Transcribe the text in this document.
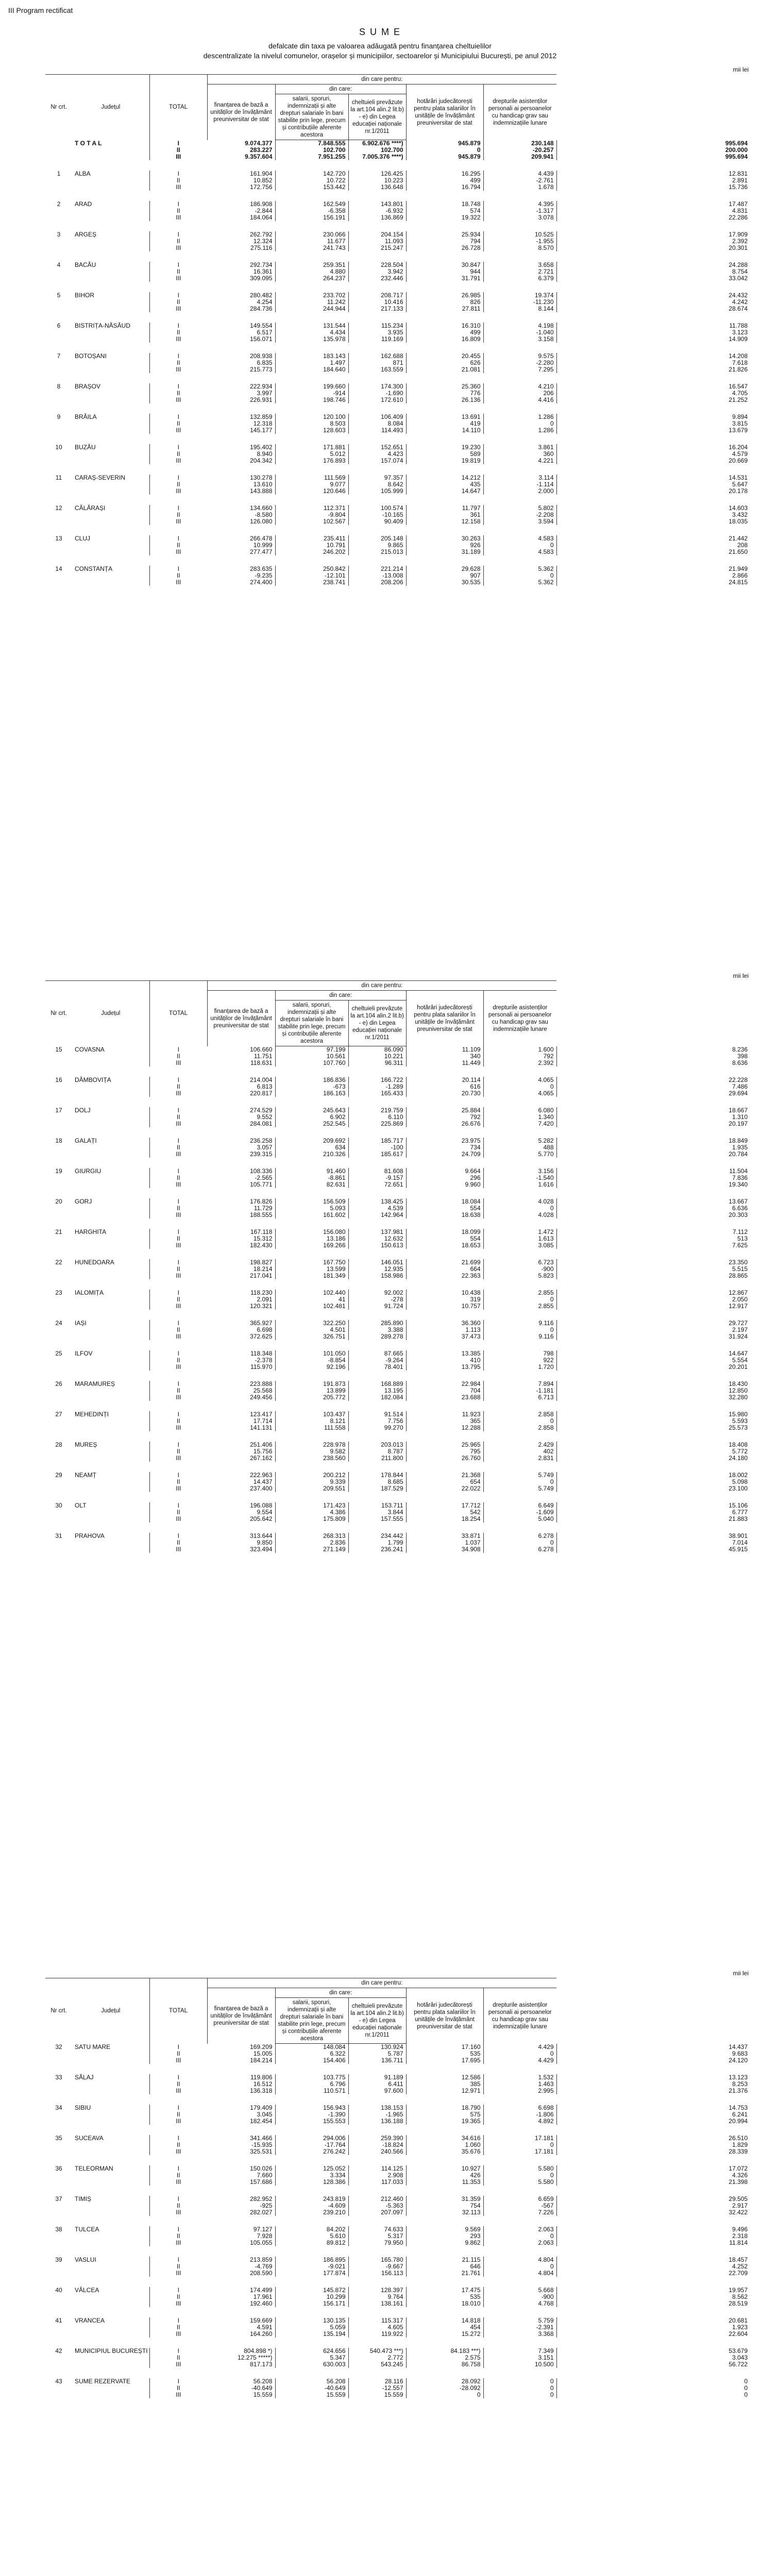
III Program rectificat
S U M E
defalcate din taxa pe valoarea adăugată pentru finanțarea cheltuielilor
descentralizate la nivelul comunelor, orașelor și municipiilor, sectoarelor și Municipiului București, pe anul 2012
mii lei
Nr crt.	Județul	TOTAL	din care pentru:					
			finanțarea de bază a unităților de învățământ preuniversitar de stat	din care:		hotărâri judecătorești pentru plata salariilor în unitățile de învățământ preuniversitar de stat	drepturile asistenților personali ai persoanelor cu handicap grav sau indemnizațiile lunare	
				salarii, sporuri, indemnizații și alte drepturi salariale în bani stabilite prin lege, precum și contribuțiile aferente acestora	cheltuieli prevăzute la art.104 alin.2 lit.b) - e) din Legea educației naționale nr.1/2011			
	T O T A L	I	9.074.377	7.848.555	6.902.676 ****)	945.879	230.148	995.694
		II	283.227	102.700	102.700	0	-20.257	200.000
		III	9.357.604	7.951.255	7.005.376 ****)	945.879	209.941	995.694

1	ALBA	I	161.904	142.720	126.425	16.295	4.439	12.831
		II	10.852	10.722	10.223	499	-2.761	2.891
		III	172.756	153.442	136.648	16.794	1.678	15.736

2	ARAD	I	186.908	162.549	143.801	18.748	4.395	17.487
		II	-2.844	-6.358	-6.932	574	-1.317	4.831
		III	184.064	156.191	136.869	19.322	3.078	22.286

3	ARGEȘ	I	262.792	230.066	204.154	25.934	10.525	17.909
		II	12.324	11.677	11.093	794	-1.955	2.392
		III	275.116	241.743	215.247	26.728	8.570	20.301

4	BACĂU	I	292.734	259.351	228.504	30.847	3.658	24.288
		II	16.361	4.880	3.942	944	2.721	8.754
		III	309.095	264.237	232.446	31.791	6.379	33.042

5	BIHOR	I	280.482	233.702	208.717	26.985	19.374	24.432
		II	4.254	11.242	10.416	826	-11.230	4.242
		III	284.736	244.944	217.133	27.811	8.144	28.674

6	BISTRIȚA-NĂSĂUD	I	149.554	131.544	115.234	16.310	4.198	11.788
		II	6.517	4.434	3.935	499	-1.040	3.123
		III	156.071	135.978	119.169	16.809	3.158	14.909

7	BOTOȘANI	I	208.938	183.143	162.688	20.455	9.575	14.208
		II	6.835	1.497	871	626	-2.280	7.618
		III	215.773	184.640	163.559	21.081	7.295	21.826

8	BRAȘOV	I	222.934	199.660	174.300	25.360	4.210	16.547
		II	3.997	-914	-1.690	776	206	4.705
		III	226.931	198.746	172.610	26.136	4.416	21.252

9	BRĂILA	I	132.859	120.100	106.409	13.691	1.286	9.894
		II	12.318	8.503	8.084	419	0	3.815
		III	145.177	128.603	114.493	14.110	1.286	13.679

10	BUZĂU	I	195.402	171.881	152.651	19.230	3.861	16.204
		II	8.940	5.012	4.423	589	360	4.579
		III	204.342	176.893	157.074	19.819	4.221	20.669

11	CARAȘ-SEVERIN	I	130.278	111.569	97.357	14.212	3.114	14.531
		II	13.610	9.077	8.642	435	-1.114	5.647
		III	143.888	120.646	105.999	14.647	2.000	20.178

12	CĂLĂRAȘI	I	134.660	112.371	100.574	11.797	5.802	14.603
		II	-8.580	-9.804	-10.165	361	-2.208	3.432
		III	126.080	102.567	90.409	12.158	3.594	18.035

13	CLUJ	I	266.478	235.411	205.148	30.263	4.583	21.442
		II	10.999	10.791	9.865	926	0	208
		III	277.477	246.202	215.013	31.189	4.583	21.650

14	CONSTANȚA	I	283.635	250.842	221.214	29.628	5.362	21.949
		II	-9.235	-12.101	-13.008	907	0	2.866
		III	274.400	238.741	208.206	30.535	5.362	24.815
mii lei
Nr crt.	Județul	TOTAL	din care pentru:					
			finanțarea de bază a unităților de învățământ preuniversitar de stat	din care:		hotărâri judecătorești pentru plata salariilor în unitățile de învățământ preuniversitar de stat	drepturile asistenților personali ai persoanelor cu handicap grav sau indemnizațiile lunare	
				salarii, sporuri, indemnizații și alte drepturi salariale în bani stabilite prin lege, precum și contribuțiile aferente acestora	cheltuieli prevăzute la art.104 alin.2 lit.b) - e) din Legea educației naționale nr.1/2011			
15	COVASNA	I	106.660	97.199	86.090	11.109	1.600	8.236
		II	11.751	10.561	10.221	340	792	398
		III	118.631	107.760	96.311	11.449	2.392	8.636

16	DÂMBOVIȚA	I	214.004	186.836	166.722	20.114	4.065	22.228
		II	6.813	-673	-1.289	616	0	7.486
		III	220.817	186.163	165.433	20.730	4.065	29.694

17	DOLJ	I	274.529	245.643	219.759	25.884	6.080	18.667
		II	9.552	6.902	6.110	792	1.340	1.310
		III	284.081	252.545	225.869	26.676	7.420	20.197

18	GALAȚI	I	236.258	209.692	185.717	23.975	5.282	18.849
		II	3.057	634	-100	734	488	1.935
		III	239.315	210.326	185.617	24.709	5.770	20.784

19	GIURGIU	I	108.336	91.460	81.608	9.664	3.156	11.504
		II	-2.565	-8.861	-9.157	296	-1.540	7.836
		III	105.771	82.631	72.651	9.960	1.616	19.340

20	GORJ	I	176.826	156.509	138.425	18.084	4.028	13.667
		II	11.729	5.093	4.539	554	0	6.636
		III	188.555	161.602	142.964	18.638	4.028	20.303

21	HARGHITA	I	167.118	156.080	137.981	18.099	1.472	7.112
		II	15.312	13.186	12.632	554	1.613	513
		III	182.430	169.266	150.613	18.653	3.085	7.625

22	HUNEDOARA	I	198.827	167.750	146.051	21.699	6.723	23.350
		II	18.214	13.599	12.935	664	-900	5.515
		III	217.041	181.349	158.986	22.363	5.823	28.865

23	IALOMIȚA	I	118.230	102.440	92.002	10.438	2.855	12.867
		II	2.091	41	-278	319	0	2.050
		III	120.321	102.481	91.724	10.757	2.855	12.917

24	IAȘI	I	365.927	322.250	285.890	36.360	9.116	29.727
		II	6.698	4.501	3.388	1.113	0	2.197
		III	372.625	326.751	289.278	37.473	9.116	31.924

25	ILFOV	I	118.348	101.050	87.665	13.385	798	14.647
		II	-2.378	-8.854	-9.264	410	922	5.554
		III	115.970	92.196	78.401	13.795	1.720	20.201

26	MARAMUREȘ	I	223.888	191.873	168.889	22.984	7.894	18.430
		II	25.568	13.899	13.195	704	-1.181	12.850
		III	249.456	205.772	182.084	23.688	6.713	32.280

27	MEHEDINȚI	I	123.417	103.437	91.514	11.923	2.858	15.980
		II	17.714	8.121	7.756	365	0	5.593
		III	141.131	111.558	99.270	12.288	2.858	25.573

28	MUREȘ	I	251.406	228.978	203.013	25.965	2.429	18.408
		II	15.756	9.582	8.787	795	402	5.772
		III	267.162	238.560	211.800	26.760	2.831	24.180

29	NEAMȚ	I	222.963	200.212	178.844	21.368	5.749	18.002
		II	14.437	9.339	8.685	654	0	5.098
		III	237.400	209.551	187.529	22.022	5.749	23.100

30	OLT	I	196.088	171.423	153.711	17.712	6.649	15.106
		II	9.554	4.386	3.844	542	-1.609	6.777
		III	205.642	175.809	157.555	18.254	5.040	21.883

31	PRAHOVA	I	313.644	268.313	234.442	33.871	6.278	38.901
		II	9.850	2.836	1.799	1.037	0	7.014
		III	323.494	271.149	236.241	34.908	6.278	45.915
mii lei
Nr crt.	Județul	TOTAL	din care pentru:					
			finanțarea de bază a unităților de învățământ preuniversitar de stat	din care:		hotărâri judecătorești pentru plata salariilor în unitățile de învățământ preuniversitar de stat	drepturile asistenților personali ai persoanelor cu handicap grav sau indemnizațiile lunare	
				salarii, sporuri, indemnizații și alte drepturi salariale în bani stabilite prin lege, precum și contribuțiile aferente acestora	cheltuieli prevăzute la art.104 alin.2 lit.b) - e) din Legea educației naționale nr.1/2011			
32	SATU MARE	I	169.209	148.084	130.924	17.160	4.429	14.437
		II	15.005	6.322	5.787	535	0	9.683
		III	184.214	154.406	136.711	17.695	4.429	24.120

33	SĂLAJ	I	119.806	103.775	91.189	12.586	1.532	13.123
		II	16.512	6.796	6.411	385	1.463	8.253
		III	136.318	110.571	97.600	12.971	2.995	21.376

34	SIBIU	I	179.409	156.943	138.153	18.790	6.698	14.753
		II	3.045	-1.390	-1.965	575	-1.806	6.241
		III	182.454	155.553	136.188	19.365	4.892	20.994

35	SUCEAVA	I	341.466	294.006	259.390	34.616	17.181	26.510
		II	-15.935	-17.764	-18.824	1.060	0	1.829
		III	325.531	276.242	240.566	35.676	17.181	28.339

36	TELEORMAN	I	150.026	125.052	114.125	10.927	5.580	17.072
		II	7.660	3.334	2.908	426	0	4.326
		III	157.686	128.386	117.033	11.353	5.580	21.398

37	TIMIȘ	I	282.952	243.819	212.460	31.359	6.659	29.505
		II	-925	-4.609	-5.363	754	-567	2.917
		III	282.027	239.210	207.097	32.113	7.226	32.422

38	TULCEA	I	97.127	84.202	74.633	9.569	2.063	9.496
		II	7.928	5.610	5.317	293	0	2.318
		III	105.055	89.812	79.950	9.862	2.063	11.814

39	VASLUI	I	213.859	186.895	165.780	21.115	4.804	18.457
		II	-4.769	-9.021	-9.667	646	0	4.252
		III	208.590	177.874	156.113	21.761	4.804	22.709

40	VÂLCEA	I	174.499	145.872	128.397	17.475	5.668	19.957
		II	17.961	10.299	9.764	535	-900	8.562
		III	192.460	156.171	138.161	18.010	4.768	28.519

41	VRANCEA	I	159.669	130.135	115.317	14.818	5.759	20.681
		II	4.591	5.059	4.605	454	-2.391	1.923
		III	164.260	135.194	119.922	15.272	3.368	22.604

42	MUNICIPIUL BUCUREȘTI	I	804.898 *)	624.656	540.473 ***)	84.183 ***)	7.349	53.679
		II	12.275 *****)	5.347	2.772	2.575	3.151	3.043
		III	817.173	630.003	543.245	86.758	10.500	56.722

43	SUME REZERVATE	I	56.208	56.208	28.116	28.092	0	0
		II	-40.649	-40.649	-12.557	-28.092	0	0
		III	15.559	15.559	15.559	0	0	0
